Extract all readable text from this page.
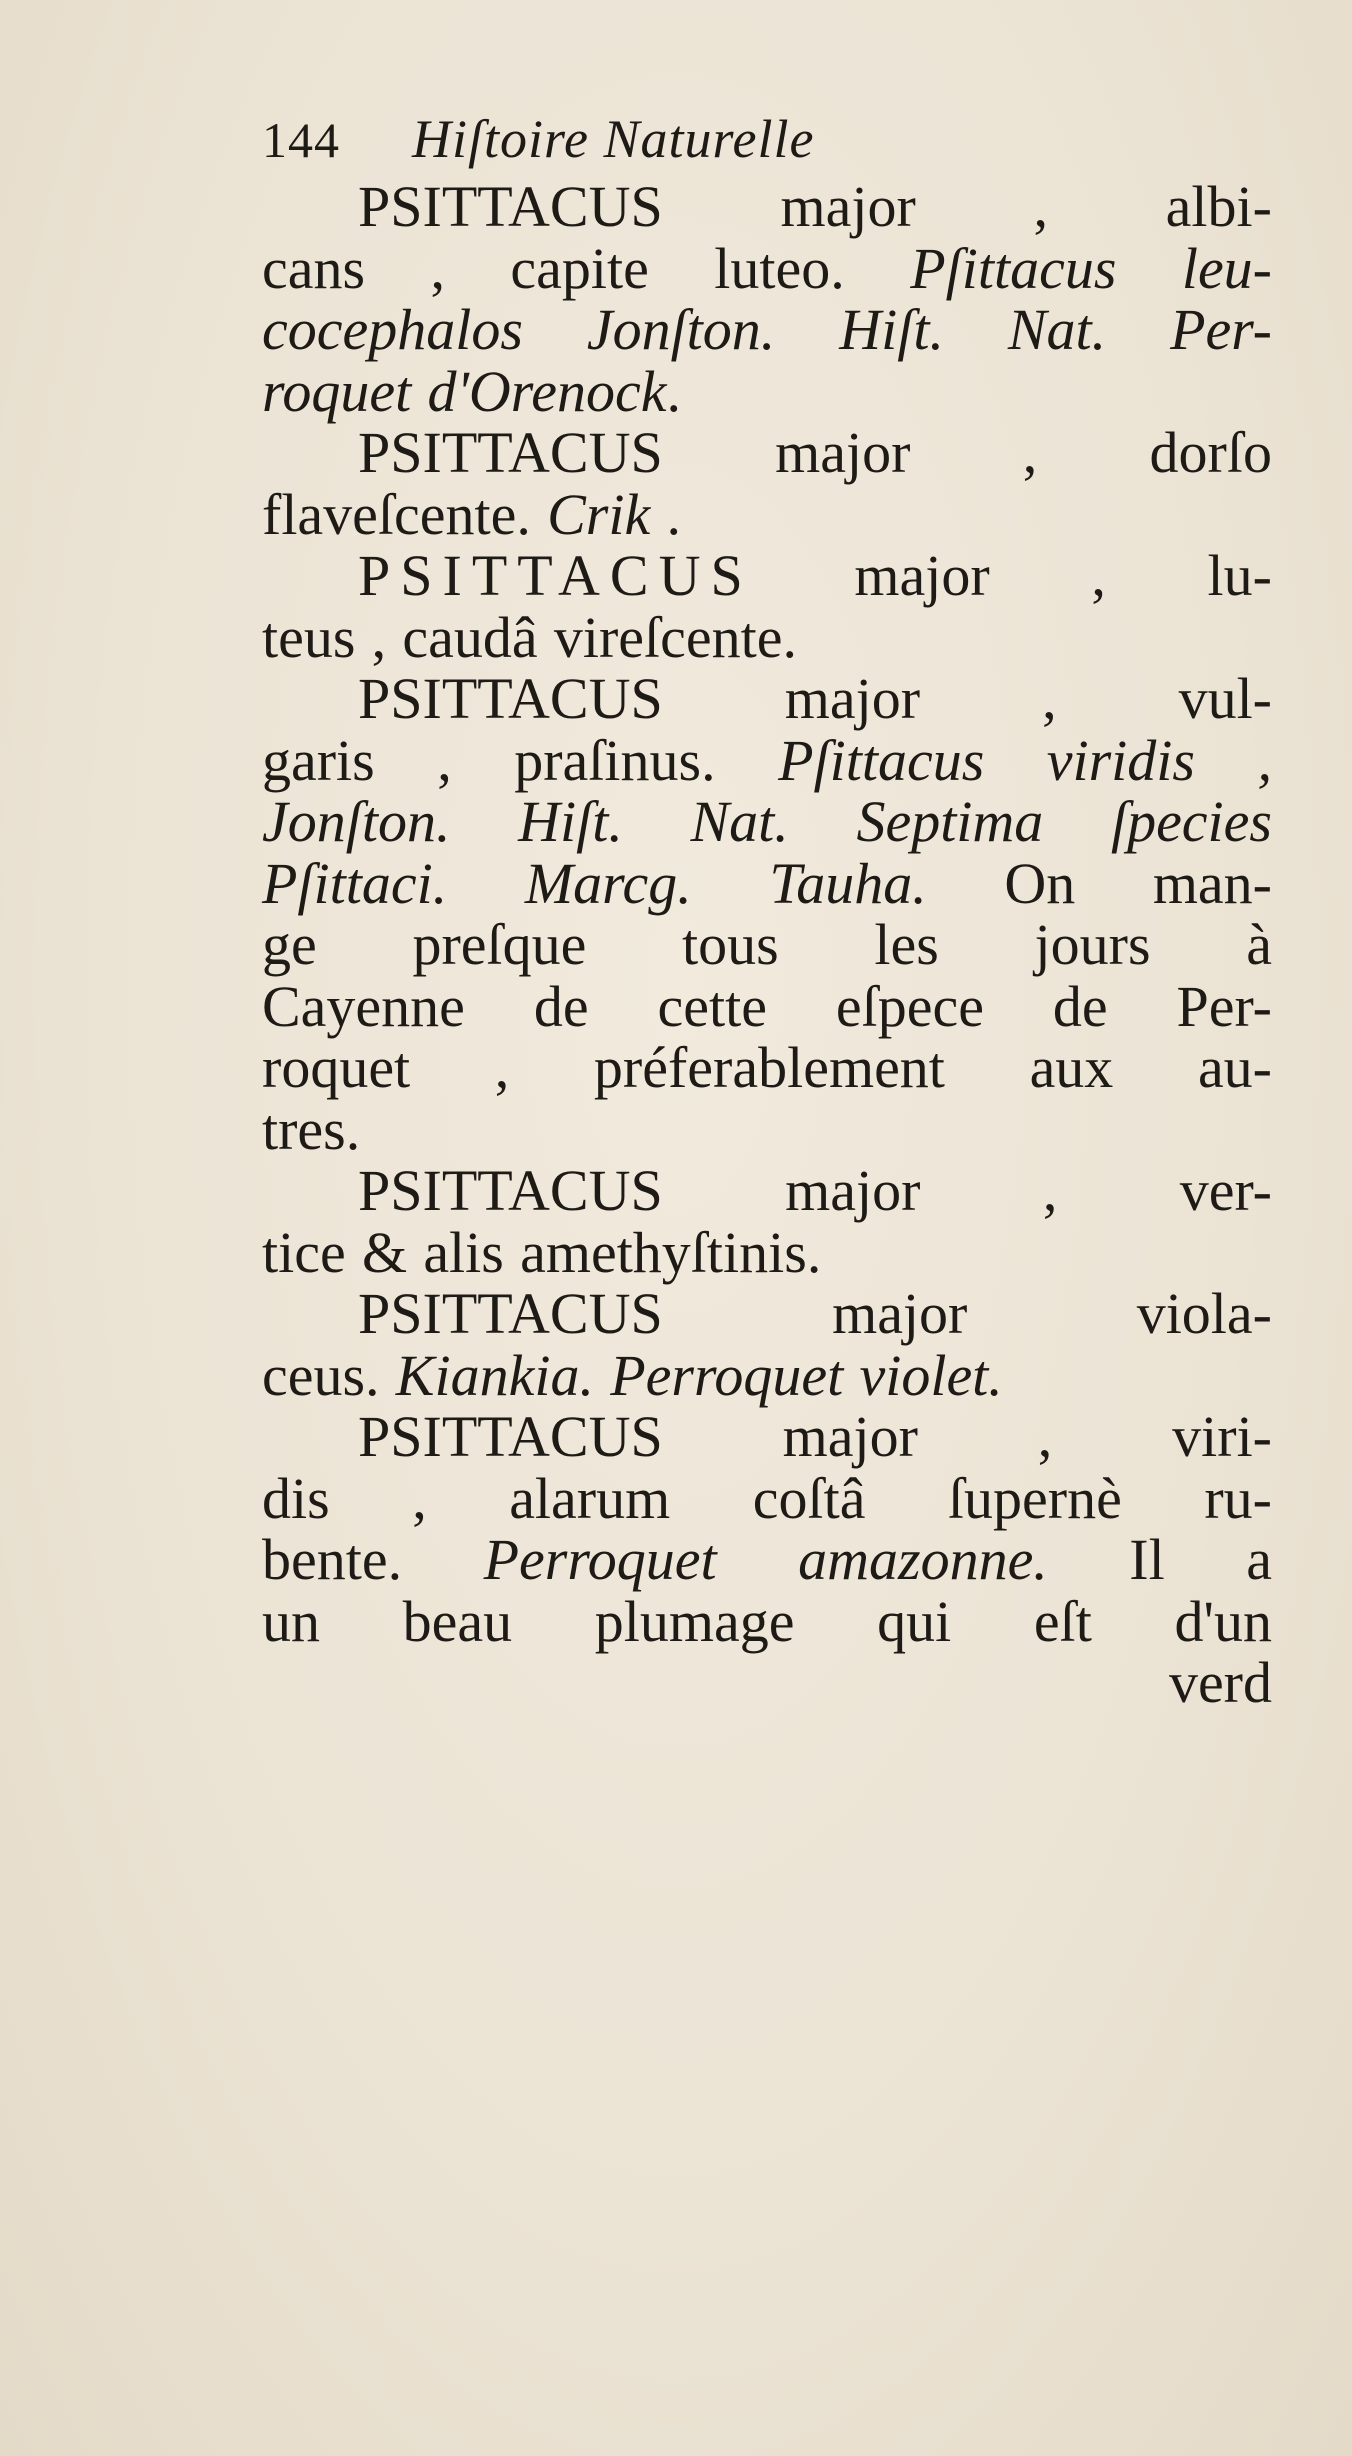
144 Hiſtoire Naturelle
PSITTACUS major , albi-
cans , capite luteo. Pſittacus leu-
cocephalos Jonſton. Hiſt. Nat. Per-
roquet d'Orenock.
PSITTACUS major , dorſo
flaveſcente. Crik .
PSITTACUS major , lu-
teus , caudâ vireſcente.
PSITTACUS major , vul-
garis , praſinus. Pſittacus viridis ,
Jonſton. Hiſt. Nat. Septima ſpecies
Pſittaci. Marcg. Tauha. On man-
ge preſque tous les jours à
Cayenne de cette eſpece de Per-
roquet , préferablement aux au-
tres.
PSITTACUS major , ver-
tice & alis amethyſtinis.
PSITTACUS	major	viola-
ceus. Kiankia. Perroquet violet.
PSITTACUS major , viri-
dis , alarum coſtâ ſupernè ru-
bente. Perroquet amazonne. Il a
un beau plumage qui eſt d'un
verd
